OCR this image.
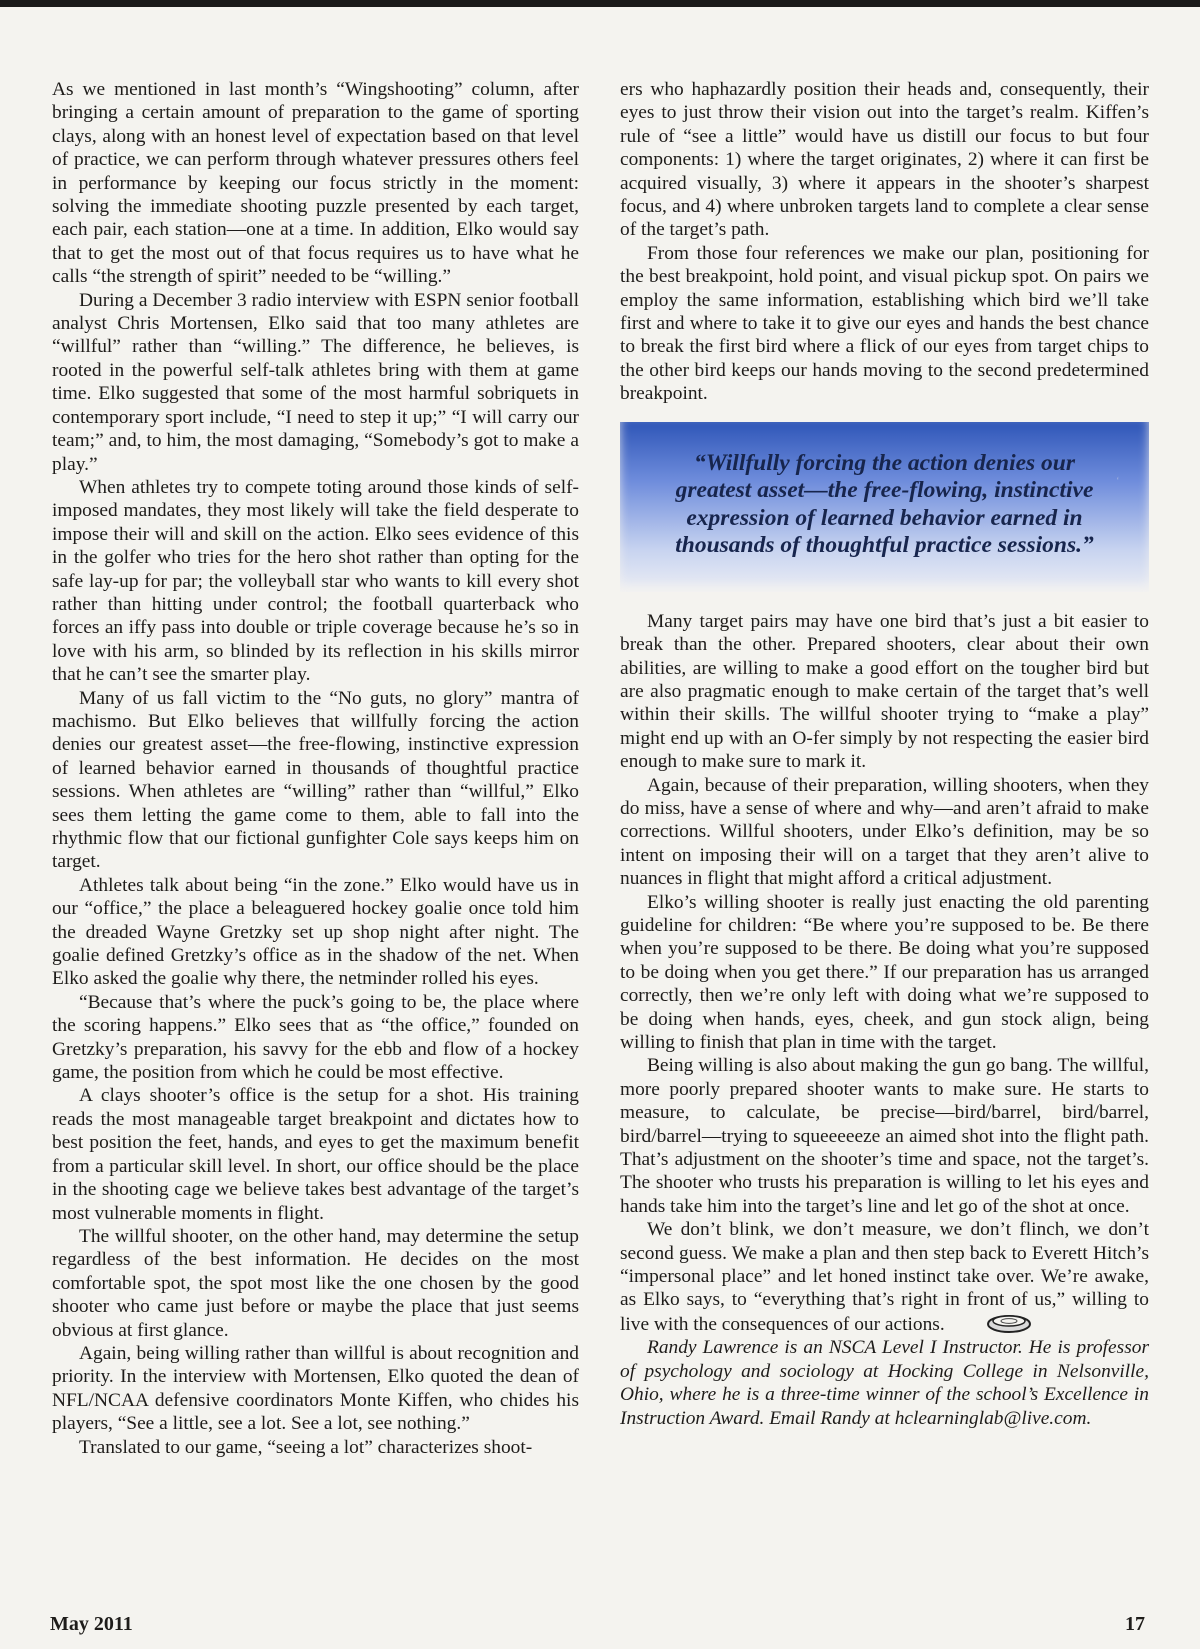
As we mentioned in last month’s “Wingshooting” column, after bringing a certain amount of preparation to the game of sporting clays, along with an honest level of expectation based on that level of practice, we can perform through whatever pressures others feel in performance by keeping our focus strictly in the moment: solving the immediate shooting puzzle presented by each target, each pair, each station—one at a time. In addition, Elko would say that to get the most out of that focus requires us to have what he calls “the strength of spirit” needed to be “willing.”

During a December 3 radio interview with ESPN senior football analyst Chris Mortensen, Elko said that too many athletes are “willful” rather than “willing.” The difference, he believes, is rooted in the powerful self-talk athletes bring with them at game time. Elko suggested that some of the most harmful sobriquets in contemporary sport include, “I need to step it up;” “I will carry our team;” and, to him, the most damaging, “Somebody’s got to make a play.”

When athletes try to compete toting around those kinds of self-imposed mandates, they most likely will take the field desperate to impose their will and skill on the action. Elko sees evidence of this in the golfer who tries for the hero shot rather than opting for the safe lay-up for par; the volleyball star who wants to kill every shot rather than hitting under control; the football quarterback who forces an iffy pass into double or triple coverage because he’s so in love with his arm, so blinded by its reflection in his skills mirror that he can’t see the smarter play.

Many of us fall victim to the “No guts, no glory” mantra of machismo. But Elko believes that willfully forcing the action denies our greatest asset—the free-flowing, instinctive expression of learned behavior earned in thousands of thoughtful practice sessions. When athletes are “willing” rather than “willful,” Elko sees them letting the game come to them, able to fall into the rhythmic flow that our fictional gunfighter Cole says keeps him on target.

Athletes talk about being “in the zone.” Elko would have us in our “office,” the place a beleaguered hockey goalie once told him the dreaded Wayne Gretzky set up shop night after night. The goalie defined Gretzky’s office as in the shadow of the net. When Elko asked the goalie why there, the netminder rolled his eyes.

“Because that’s where the puck’s going to be, the place where the scoring happens.” Elko sees that as “the office,” founded on Gretzky’s preparation, his savvy for the ebb and flow of a hockey game, the position from which he could be most effective.

A clays shooter’s office is the setup for a shot. His training reads the most manageable target breakpoint and dictates how to best position the feet, hands, and eyes to get the maximum benefit from a particular skill level. In short, our office should be the place in the shooting cage we believe takes best advantage of the target’s most vulnerable moments in flight.

The willful shooter, on the other hand, may determine the setup regardless of the best information. He decides on the most comfortable spot, the spot most like the one chosen by the good shooter who came just before or maybe the place that just seems obvious at first glance.

Again, being willing rather than willful is about recognition and priority. In the interview with Mortensen, Elko quoted the dean of NFL/NCAA defensive coordinators Monte Kiffen, who chides his players, “See a little, see a lot. See a lot, see nothing.”

Translated to our game, “seeing a lot” characterizes shoot-

ers who haphazardly position their heads and, consequently, their eyes to just throw their vision out into the target’s realm. Kiffen’s rule of “see a little” would have us distill our focus to but four components: 1) where the target originates, 2) where it can first be acquired visually, 3) where it appears in the shooter’s sharpest focus, and 4) where unbroken targets land to complete a clear sense of the target’s path.

From those four references we make our plan, positioning for the best breakpoint, hold point, and visual pickup spot. On pairs we employ the same information, establishing which bird we’ll take first and where to take it to give our eyes and hands the best chance to break the first bird where a flick of our eyes from target chips to the other bird keeps our hands moving to the second predetermined breakpoint.

“Willfully forcing the action denies our greatest asset—the free-flowing, instinctive expression of learned behavior earned in thousands of thoughtful practice sessions.”
‘

Many target pairs may have one bird that’s just a bit easier to break than the other. Prepared shooters, clear about their own abilities, are willing to make a good effort on the tougher bird but are also pragmatic enough to make certain of the target that’s well within their skills. The willful shooter trying to “make a play” might end up with an O-fer simply by not respecting the easier bird enough to make sure to mark it.

Again, because of their preparation, willing shooters, when they do miss, have a sense of where and why—and aren’t afraid to make corrections. Willful shooters, under Elko’s definition, may be so intent on imposing their will on a target that they aren’t alive to nuances in flight that might afford a critical adjustment.

Elko’s willing shooter is really just enacting the old parenting guideline for children: “Be where you’re supposed to be. Be there when you’re supposed to be there. Be doing what you’re supposed to be doing when you get there.” If our preparation has us arranged correctly, then we’re only left with doing what we’re supposed to be doing when hands, eyes, cheek, and gun stock align, being willing to finish that plan in time with the target.

Being willing is also about making the gun go bang. The willful, more poorly prepared shooter wants to make sure. He starts to measure, to calculate, be precise—bird/barrel, bird/barrel, bird/barrel—trying to squeeeeeze an aimed shot into the flight path. That’s adjustment on the shooter’s time and space, not the target’s. The shooter who trusts his preparation is willing to let his eyes and hands take him into the target’s line and let go of the shot at once.

We don’t blink, we don’t measure, we don’t flinch, we don’t second guess. We make a plan and then step back to Everett Hitch’s “impersonal place” and let honed instinct take over. We’re awake, as Elko says, to “everything that’s right in front of us,” willing to live with the consequences of our actions.

Randy Lawrence is an NSCA Level I Instructor. He is professor of psychology and sociology at Hocking College in Nelsonville, Ohio, where he is a three-time winner of the school’s Excellence in Instruction Award. Email Randy at hclearninglab@live.com.

May 2011	17
